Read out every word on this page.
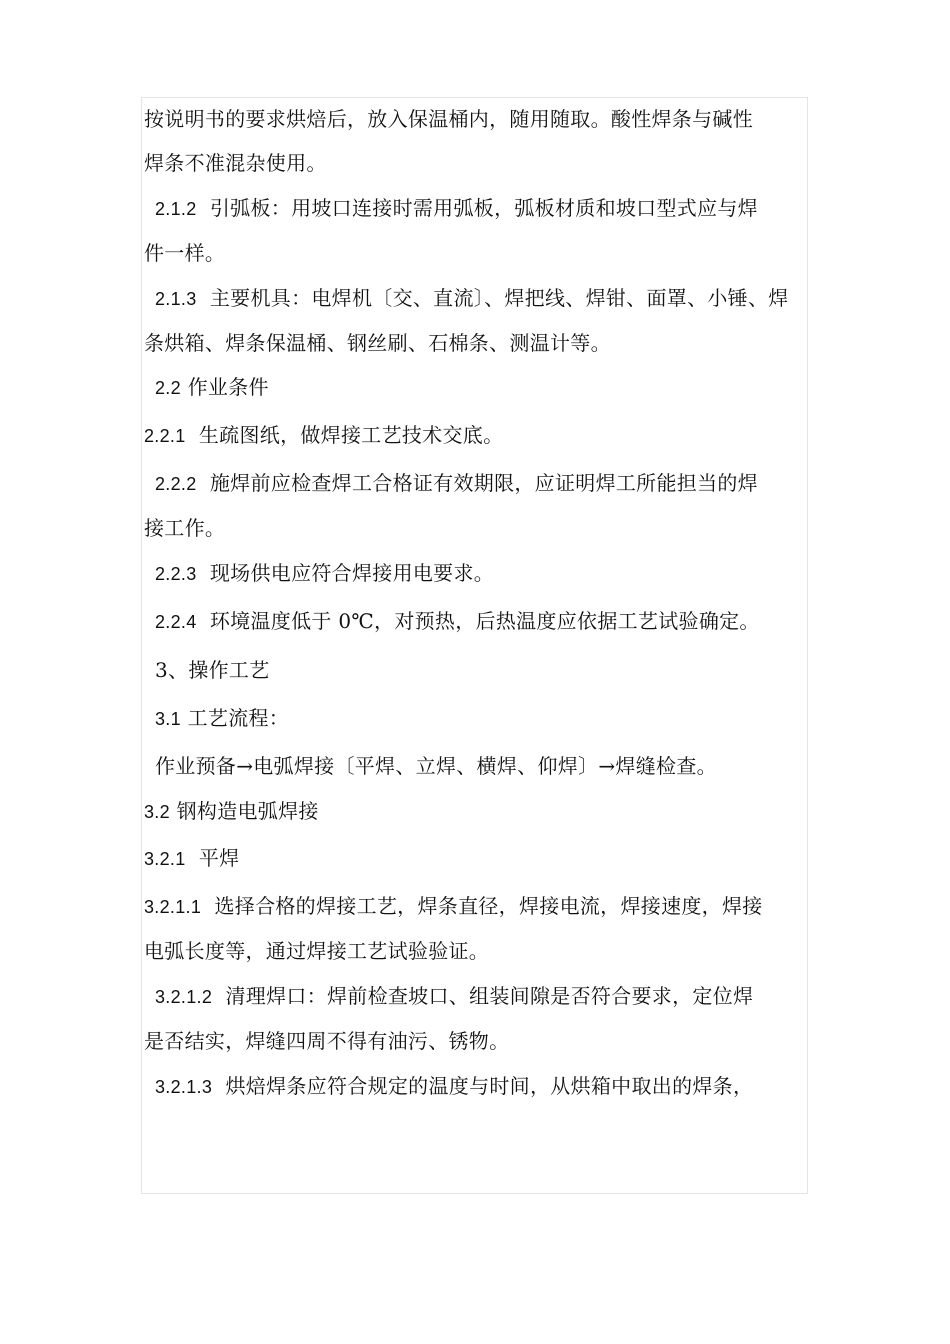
按说明书的要求烘焙后，放入保温桶内，随用随取。酸性焊条与碱性
焊条不准混杂使用。
2.1.2 引弧板：用坡口连接时需用弧板，弧板材质和坡口型式应与焊
件一样。
2.1.3 主要机具：电焊机〔交、直流〕、焊把线、焊钳、面罩、小锤、焊
条烘箱、焊条保温桶、钢丝刷、石棉条、测温计等。
2.2 作业条件
2.2.1 生疏图纸，做焊接工艺技术交底。
2.2.2 施焊前应检查焊工合格证有效期限，应证明焊工所能担当的焊
接工作。
2.2.3 现场供电应符合焊接用电要求。
2.2.4 环境温度低于 0℃，对预热，后热温度应依据工艺试验确定。
3、操作工艺
3.1 工艺流程：
作业预备→电弧焊接〔平焊、立焊、横焊、仰焊〕→焊缝检查。
3.2 钢构造电弧焊接
3.2.1 平焊
3.2.1.1 选择合格的焊接工艺，焊条直径，焊接电流，焊接速度，焊接
电弧长度等，通过焊接工艺试验验证。
3.2.1.2 清理焊口：焊前检查坡口、组装间隙是否符合要求，定位焊
是否结实，焊缝四周不得有油污、锈物。
3.2.1.3 烘焙焊条应符合规定的温度与时间，从烘箱中取出的焊条，
